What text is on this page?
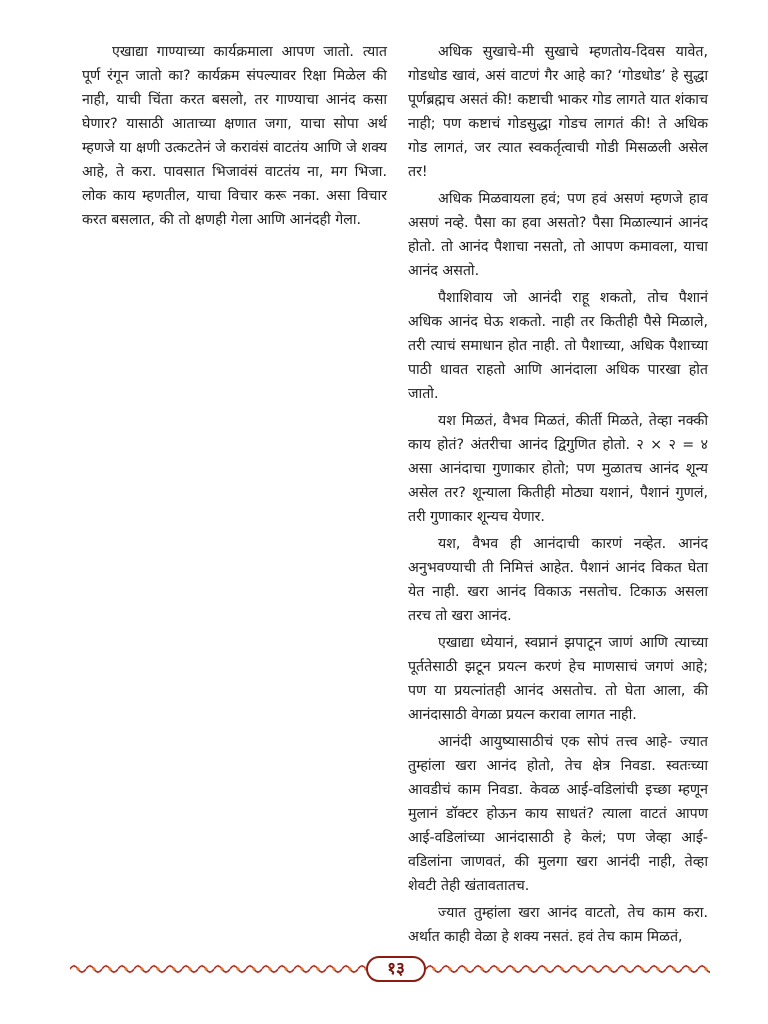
एखाद्या गाण्याच्या कार्यक्रमाला आपण जातो. त्यात पूर्ण रंगून जातो का? कार्यक्रम संपल्यावर रिक्षा मिळेल की नाही, याची चिंता करत बसलो, तर गाण्याचा आनंद कसा घेणार? यासाठी आताच्या क्षणात जगा, याचा सोपा अर्थ म्हणजे या क्षणी उत्कटतेनं जे करावंसं वाटतंय आणि जे शक्य आहे, ते करा. पावसात भिजावंसं वाटतंय ना, मग भिजा. लोक काय म्हणतील, याचा विचार करू नका. असा विचार करत बसलात, की तो क्षणही गेला आणि आनंदही गेला.

अधिक सुखाचे-मी सुखाचे म्हणतोय-दिवस यावेत, गोडधोड खावं, असं वाटणं गैर आहे का? ‘गोडधोड’ हे सुद्धा पूर्णब्रह्मच असतं की! कष्टाची भाकर गोड लागते यात शंकाच नाही; पण कष्टाचं गोडसुद्धा गोडच लागतं की! ते अधिक गोड लागतं, जर त्यात स्वकर्तृत्वाची गोडी मिसळली असेल तर!

अधिक मिळवायला हवं; पण हवं असणं म्हणजे हाव असणं नव्हे. पैसा का हवा असतो? पैसा मिळाल्यानं आनंद होतो. तो आनंद पैशाचा नसतो, तो आपण कमावला, याचा आनंद असतो.

पैशाशिवाय जो आनंदी राहू शकतो, तोच पैशानं अधिक आनंद घेऊ शकतो. नाही तर कितीही पैसे मिळाले, तरी त्याचं समाधान होत नाही. तो पैशाच्या, अधिक पैशाच्या पाठी धावत राहतो आणि आनंदाला अधिक पारखा होत जातो.

यश मिळतं, वैभव मिळतं, कीर्ती मिळते, तेव्हा नक्की काय होतं? अंतरीचा आनंद द्विगुणित होतो. २ × २ = ४ असा आनंदाचा गुणाकार होतो; पण मुळातच आनंद शून्य असेल तर? शून्याला कितीही मोठ्या यशानं, पैशानं गुणलं, तरी गुणाकार शून्यच येणार.

यश, वैभव ही आनंदाची कारणं नव्हेत. आनंद अनुभवण्याची ती निमित्तं आहेत. पैशानं आनंद विकत घेता येत नाही. खरा आनंद विकाऊ नसतोच. टिकाऊ असला तरच तो खरा आनंद.

एखाद्या ध्येयानं, स्वप्नानं झपाटून जाणं आणि त्याच्या पूर्ततेसाठी झटून प्रयत्न करणं हेच माणसाचं जगणं आहे; पण या प्रयत्नांतही आनंद असतोच. तो घेता आला, की आनंदासाठी वेगळा प्रयत्न करावा लागत नाही.

आनंदी आयुष्यासाठीचं एक सोपं तत्त्व आहे- ज्यात तुम्हांला खरा आनंद होतो, तेच क्षेत्र निवडा. स्वतःच्या आवडीचं काम निवडा. केवळ आई-वडिलांची इच्छा म्हणून मुलानं डॉक्टर होऊन काय साधतं? त्याला वाटतं आपण आई-वडिलांच्या आनंदासाठी हे केलं; पण जेव्हा आई-वडिलांना जाणवतं, की मुलगा खरा आनंदी नाही, तेव्हा शेवटी तेही खंतावतातच.

ज्यात तुम्हांला खरा आनंद वाटतो, तेच काम करा. अर्थात काही वेळा हे शक्य नसतं. हवं तेच काम मिळतं,

१३
